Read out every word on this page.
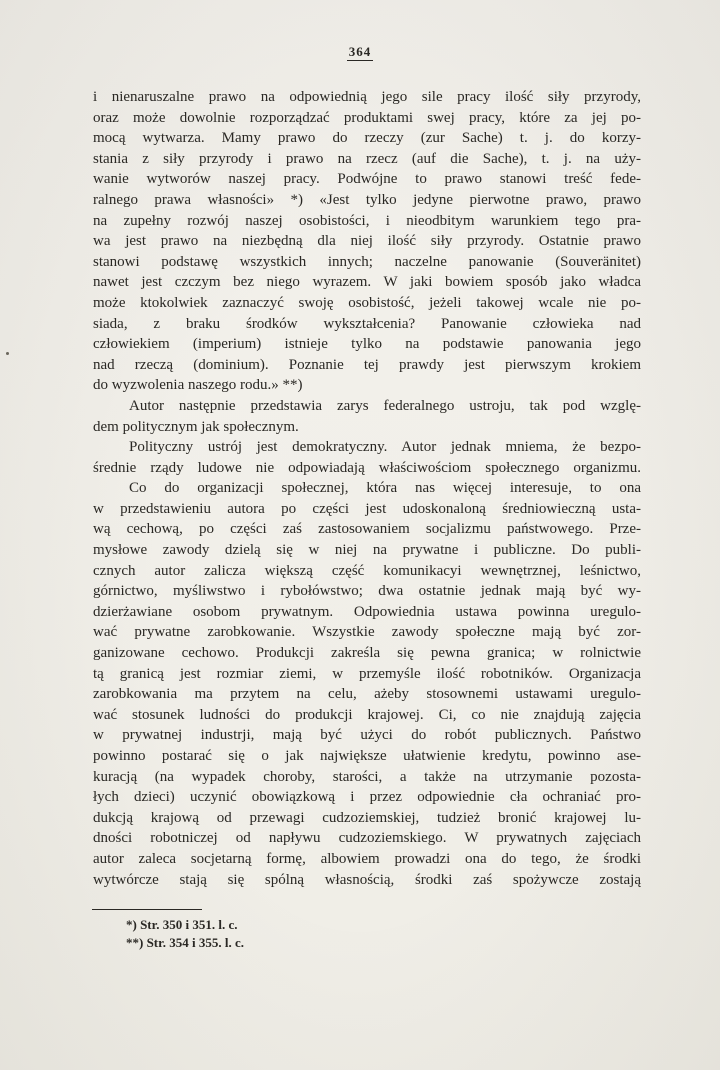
364
i nienaruszalne prawo na odpowiednią jego sile pracy ilość siły przyrody,
oraz może dowolnie rozporządzać produktami swej pracy, które za jej po-
mocą wytwarza. Mamy prawo do rzeczy (zur Sache) t. j. do korzy-
stania z siły przyrody i prawo na rzecz (auf die Sache), t. j. na uży-
wanie wytworów naszej pracy. Podwójne to prawo stanowi treść fede-
ralnego prawa własności» *) «Jest tylko jedyne pierwotne prawo, prawo
na zupełny rozwój naszej osobistości, i nieodbitym warunkiem tego pra-
wa jest prawo na niezbędną dla niej ilość siły przyrody. Ostatnie prawo
stanowi podstawę wszystkich innych; naczelne panowanie (Souveränitet)
nawet jest czczym bez niego wyrazem. W jaki bowiem sposób jako władca
może ktokolwiek zaznaczyć swoję osobistość, jeżeli takowej wcale nie po-
siada, z braku środków wykształcenia? Panowanie człowieka nad
człowiekiem (imperium) istnieje tylko na podstawie panowania jego
nad rzeczą (dominium). Poznanie tej prawdy jest pierwszym krokiem
do wyzwolenia naszego rodu.» **)
Autor następnie przedstawia zarys federalnego ustroju, tak pod wzglę-
dem politycznym jak społecznym.
Polityczny ustrój jest demokratyczny. Autor jednak mniema, że bezpo-
średnie rządy ludowe nie odpowiadają właściwościom społecznego organizmu.
Co do organizacji społecznej, która nas więcej interesuje, to ona
w przedstawieniu autora po części jest udoskonaloną średniowieczną usta-
wą cechową, po części zaś zastosowaniem socjalizmu państwowego. Prze-
mysłowe zawody dzielą się w niej na prywatne i publiczne. Do publi-
cznych autor zalicza większą część komunikacyi wewnętrznej, leśnictwo,
górnictwo, myśliwstwo i rybołówstwo; dwa ostatnie jednak mają być wy-
dzierżawiane osobom prywatnym. Odpowiednia ustawa powinna uregulo-
wać prywatne zarobkowanie. Wszystkie zawody społeczne mają być zor-
ganizowane cechowo. Produkcji zakreśla się pewna granica; w rolnictwie
tą granicą jest rozmiar ziemi, w przemyśle ilość robotników. Organizacja
zarobkowania ma przytem na celu, ażeby stosownemi ustawami uregulo-
wać stosunek ludności do produkcji krajowej. Ci, co nie znajdują zajęcia
w prywatnej industrji, mają być użyci do robót publicznych. Państwo
powinno postarać się o jak największe ułatwienie kredytu, powinno ase-
kuracją (na wypadek choroby, starości, a także na utrzymanie pozosta-
łych dzieci) uczynić obowiązkową i przez odpowiednie cła ochraniać pro-
dukcją krajową od przewagi cudzoziemskiej, tudzież bronić krajowej lu-
dności robotniczej od napływu cudzoziemskiego. W prywatnych zajęciach
autor zaleca socjetarną formę, albowiem prowadzi ona do tego, że środki
wytwórcze stają się spólną własnością, środki zaś spożywcze zostają
*) Str. 350 i 351. l. c.
**) Str. 354 i 355. l. c.
